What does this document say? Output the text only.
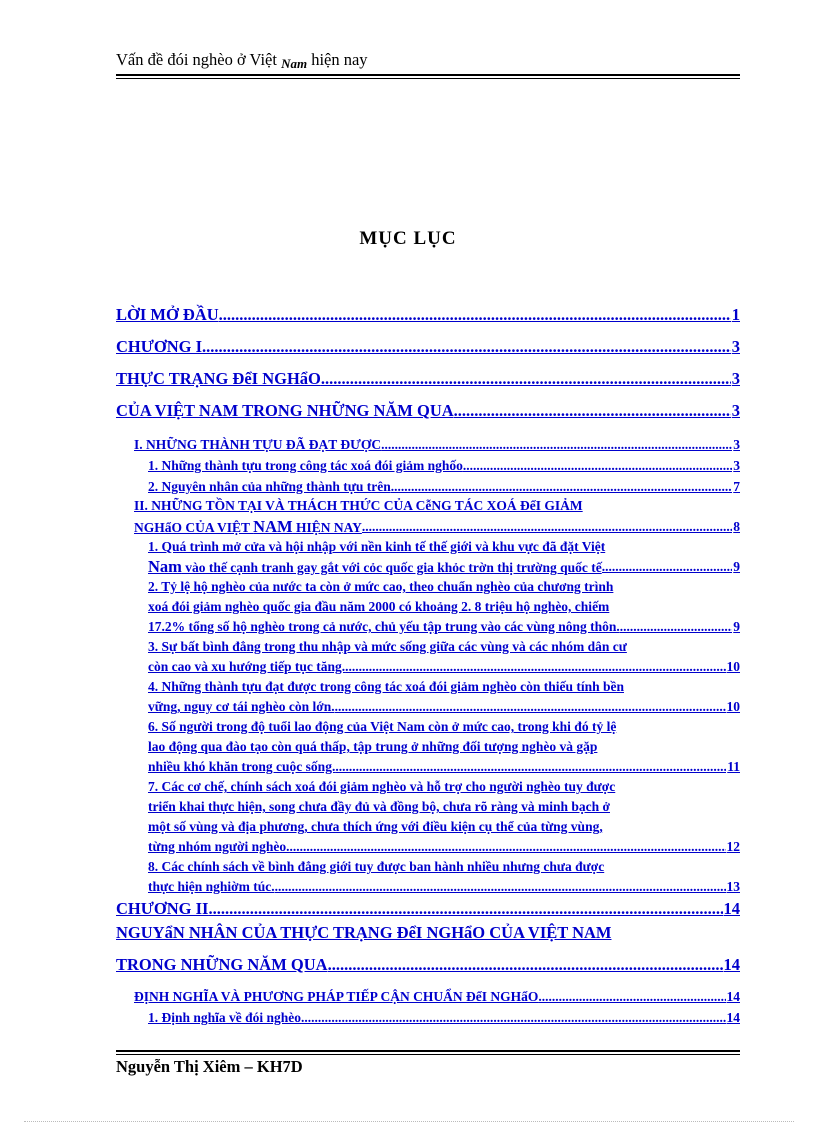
Vấn đề đói nghèo ở Việt Nam hiện nay
MỤC LỤC
LỜI MỞ ĐẦU .....	1
CHƯƠNG I .....	3
THỰC TRẠNG ĐểI NGHẩO .....	3
CỦA VIỆT NAM TRONG NHỮNG NĂM QUA .....	3
I. NHỮNG THÀNH TỰU ĐÃ ĐẠT ĐƯỢC .....	3
1. Những thành tựu trong công tác xoá đói giảm nghốo .....	3
2. Nguyên nhân của những thành tựu trên .....	7
II. NHỮNG TỒN TẠI VÀ THÁCH THỨC CỦA CễNG TÁC XOÁ ĐểI GIẢM
NGHẩO CỦA VIỆT NAM HIỆN NAY .....	8
1. Quá trình mở cửa và hội nhập với nền kinh tế thế giới và khu vực đã đặt Việt
Nam vào thế cạnh tranh gay gắt với cỏc quốc gia khỏc trờn thị trường quốc tế .....	9
2. Tỷ lệ hộ nghèo của nước ta còn ở mức cao, theo chuẩn nghèo của chương trình
xoá đói giảm nghèo quốc gia đầu năm 2000 có khoảng 2. 8 triệu hộ nghèo, chiếm
17.2% tổng số hộ nghèo trong cả nước, chủ yếu tập trung vào các vùng nông thôn. .....	9
3. Sự bất bình đẳng trong thu nhập và mức sống giữa các vùng và các nhóm dân cư
còn cao và xu hướng tiếp tục tăng. .....	10
4. Những thành tựu đạt được trong công tác xoá đói giảm nghèo còn thiếu tính bền
vững, nguy cơ tái nghèo còn lớn. .....	10
6. Số người trong độ tuổi lao động của Việt Nam còn ở mức cao, trong khi đó tỷ lệ
lao động qua đào tạo còn quá thấp, tập trung ở những đối tượng nghèo và gặp
nhiều khó khăn trong cuộc sống. .....	11
7. Các cơ chế, chính sách xoá đói giảm nghèo và hỗ trợ cho người nghèo tuy được
triển khai thực hiện, song chưa đầy đủ và đồng bộ, chưa rõ ràng và minh bạch ở
một số vùng và địa phương, chưa thích ứng với điều kiện cụ thể của từng vùng,
từng nhóm người nghèo. .....	12
8. Các chính sách về bình đẳng giới tuy được ban hành nhiều nhưng chưa được
thực hiện nghiờm túc. .....	13
CHƯƠNG II .....	14
NGUYẩN NHÂN CỦA THỰC TRẠNG ĐểI NGHẩO CỦA VIỆT NAM
TRONG NHỮNG NĂM QUA .....	14
ĐỊNH NGHĨA VÀ PHƯƠNG PHÁP TIẾP CẬN CHUẨN ĐểI NGHẩO .....	14
1. Định nghĩa về đói nghèo .....	14
Nguyễn Thị Xiêm – KH7D
